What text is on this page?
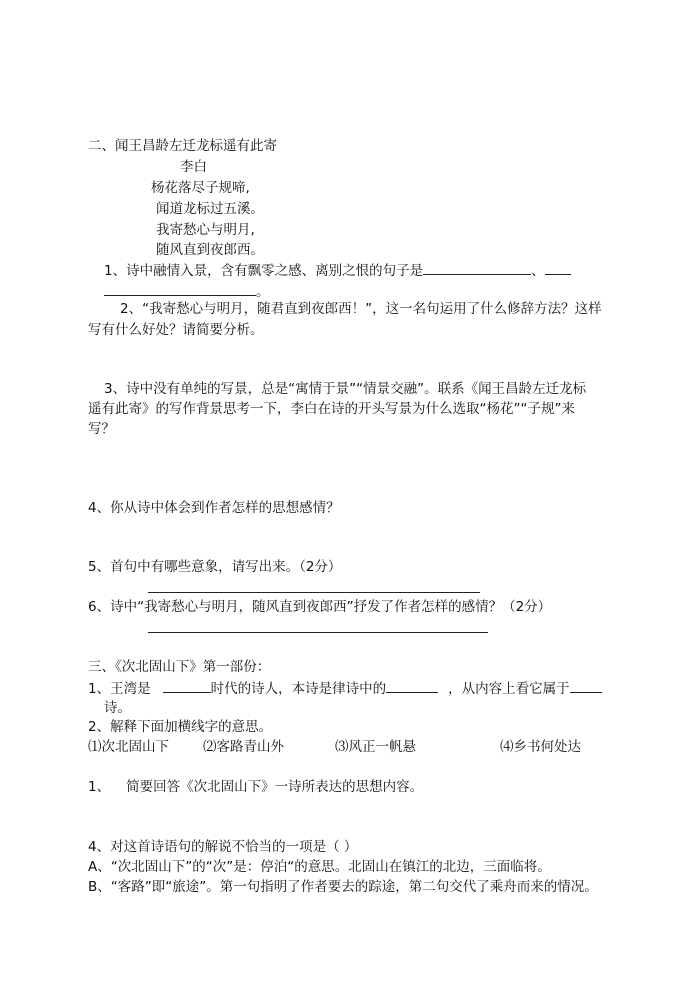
二、闻王昌龄左迁龙标遥有此寄
李白
杨花落尽子规啼,
闻道龙标过五溪。
我寄愁心与明月,
随风直到夜郎西。
1、诗中融情入景，含有飘零之感、离别之恨的句子是	、
。
2、“我寄愁心与明月，随君直到夜郎西！”，这一名句运用了什么修辞方法？这样
写有什么好处？请简要分析。
3、诗中没有单纯的写景，总是“寓情于景”“情景交融”。联系《闻王昌龄左迁龙标
遥有此寄》的写作背景思考一下，李白在诗的开头写景为什么选取“杨花”“子规”来
写？
4、你从诗中体会到作者怎样的思想感情？
5、首句中有哪些意象，请写出来。（2分）
6、诗中“我寄愁心与明月，随风直到夜郎西”抒发了作者怎样的感情？（2分）
三、《次北固山下》第一部份：
1、王湾是	时代的诗人，本诗是律诗中的	，从内容上看它属于
诗。
2、解释下面加横线字的意思。
⑴次北固山下	⑵客路青山外	⑶风正一帆悬	⑷乡书何处达
1、 简要回答《次北固山下》一诗所表达的思想内容。
4、对这首诗语句的解说不恰当的一项是（ ）
A、“次北固山下”的“次”是：停泊“的意思。北固山在镇江的北边，三面临将。
B、“客路”即“旅途”。第一句指明了作者要去的踪途，第二句交代了乘舟而来的情况。
